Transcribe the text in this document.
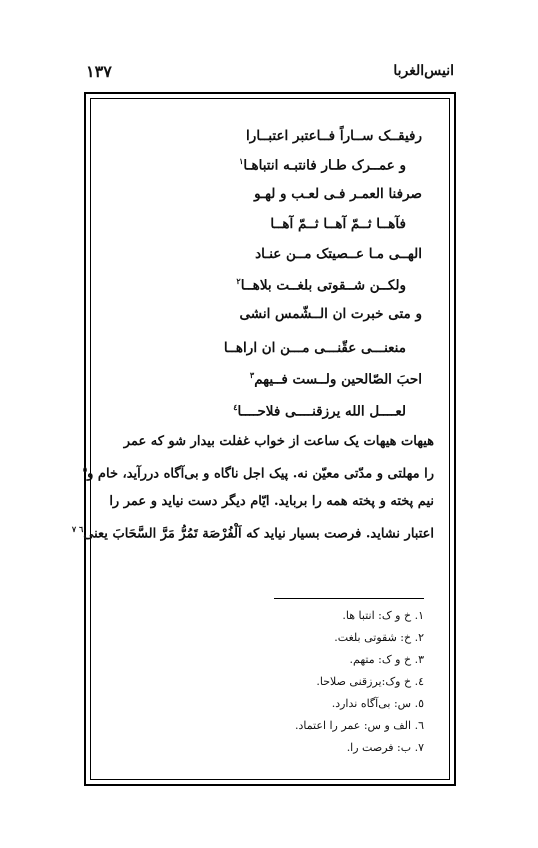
١٣٧	انیس‌الغربا
رفیقــک ســاراً فــاعتبر اعتبــارا
و عمــرک طـار فانتبـه انتباهـا$^١$
صرفنا العمـر فـی لعـب و لهـو
فآهــا ثــمّ آهــا ثــمّ آهــا
الهــی مـا عــصیتک مــن عنـاد
ولکــن شــقوتی بلغــت بلاهــا$^٢$
و متی خبرت ان الــشّمس انشی
منعنـــی عقّنـــی مـــن ان اراهــا
احبَ الصّالحین ولــست فــیهم$^٣$
لعــــل الله یرزقنــــی فلاحــــا$^٤$
هیهات هیهات یک ساعت از خواب غفلت بیدار شو که عمر
را مهلتی و مدّتی معیّن نه. پیک اجل ناگاه و بی‌آگاه دررآید، خام و$^٥$
نیم پخته و پخته همه را برباید. ایّام دیگر دست نیاید و عمر را
اعتبار نشاید. فرصت بسیار نیاید که اَلْفُرْصَة تَمُرُّ مَرَّ السَّحَابَ یعنی$^{٦ ٧}$
١. خ و ک: انتبا ها.
٢. خ: شقوتی بلغت.
٣. خ و ک: متهم.
٤. خ وک:یرزقنی صلاحا.
٥. س: بی‌آگاه ندارد.
٦. الف و س: عمر را اعتماد.
٧. ب: فرصت را.
